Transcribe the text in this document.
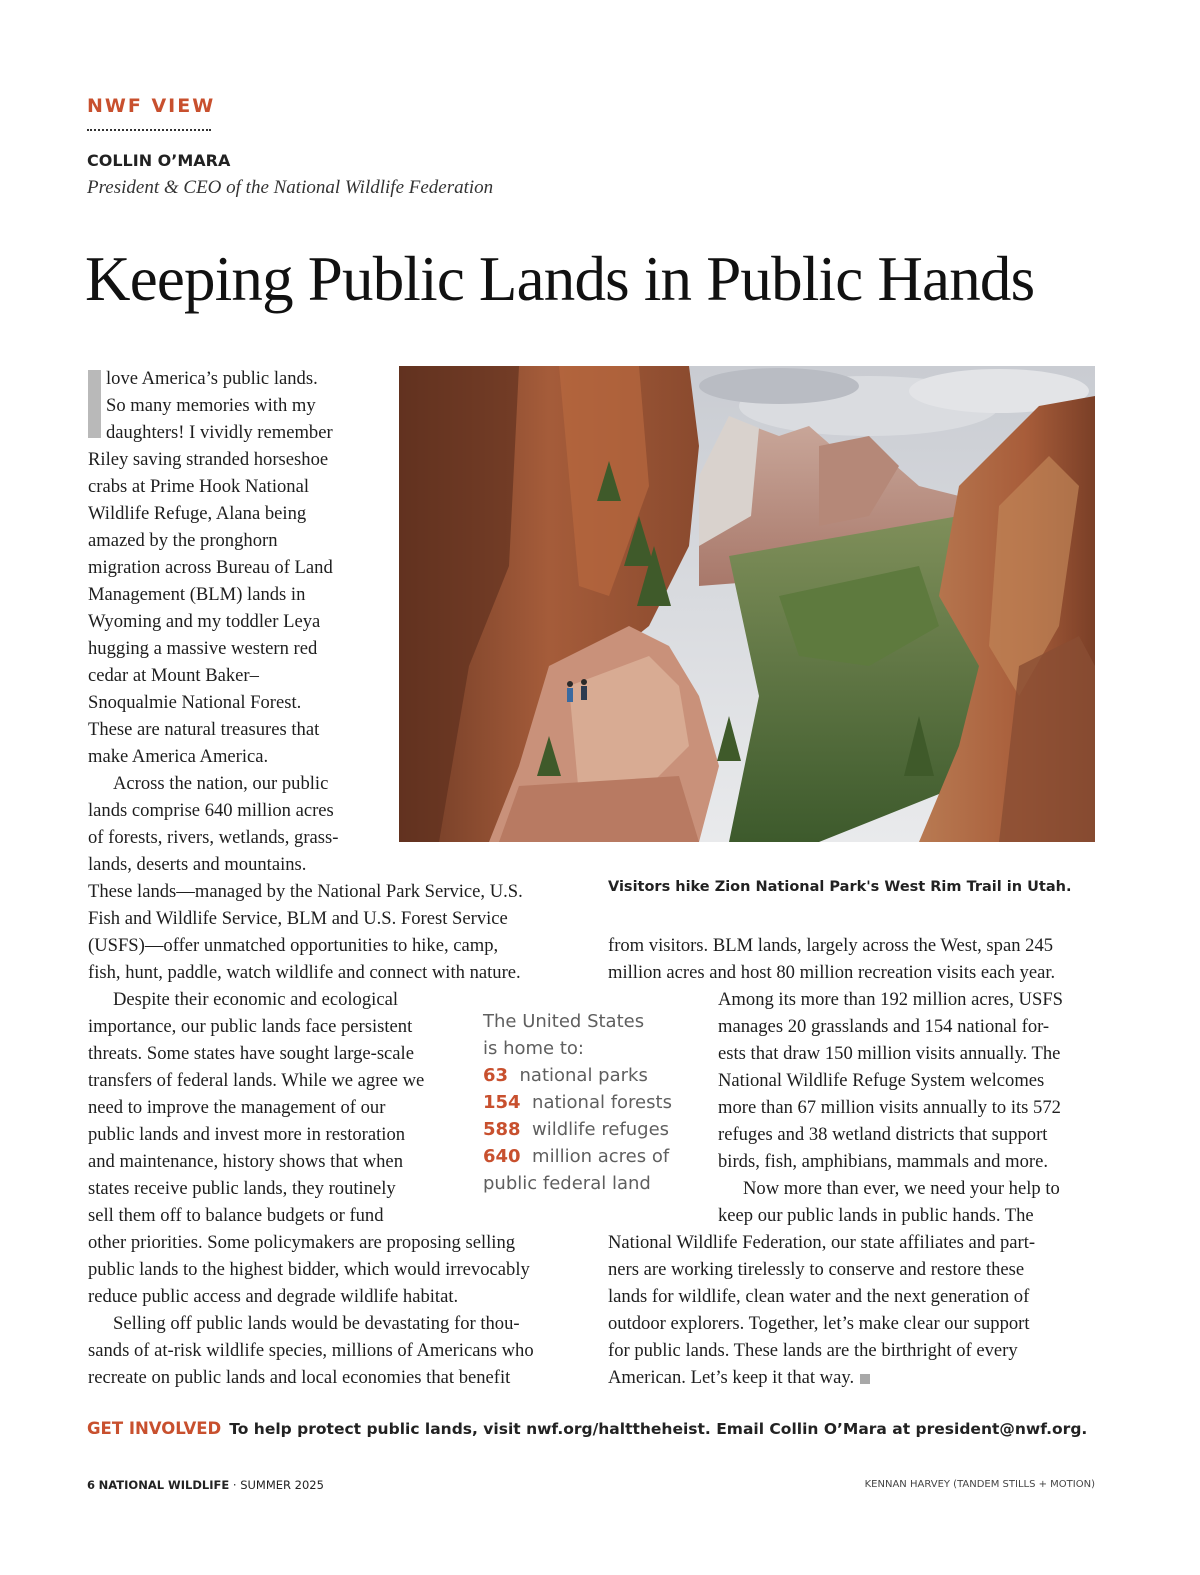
NWF VIEW
COLLIN O’MARA
President & CEO of the National Wildlife Federation
Keeping Public Lands in Public Hands
Visitors hike Zion National Park's West Rim Trail in Utah.
love America’s public lands.
So many memories with my
daughters! I vividly remember
Riley saving stranded horseshoe
crabs at Prime Hook National
Wildlife Refuge, Alana being
amazed by the pronghorn
migration across Bureau of Land
Management (BLM) lands in
Wyoming and my toddler Leya
hugging a massive western red
cedar at Mount Baker–
Snoqualmie National Forest.
These are natural treasures that
make America America.
Across the nation, our public
lands comprise 640 million acres
of forests, rivers, wetlands, grass-
lands, deserts and mountains.
These lands—managed by the National Park Service, U.S.
Fish and Wildlife Service, BLM and U.S. Forest Service
(USFS)—offer unmatched opportunities to hike, camp,
fish, hunt, paddle, watch wildlife and connect with nature.
Despite their economic and ecological
importance, our public lands face persistent
threats. Some states have sought large-scale
transfers of federal lands. While we agree we
need to improve the management of our
public lands and invest more in restoration
and maintenance, history shows that when
states receive public lands, they routinely
sell them off to balance budgets or fund
other priorities. Some policymakers are proposing selling
public lands to the highest bidder, which would irrevocably
reduce public access and degrade wildlife habitat.
Selling off public lands would be devastating for thou-
sands of at-risk wildlife species, millions of Americans who
recreate on public lands and local economies that benefit
from visitors. BLM lands, largely across the West, span 245
million acres and host 80 million recreation visits each year.
Among its more than 192 million acres, USFS
manages 20 grasslands and 154 national for-
ests that draw 150 million visits annually. The
National Wildlife Refuge System welcomes
more than 67 million visits annually to its 572
refuges and 38 wetland districts that support
birds, fish, amphibians, mammals and more.
Now more than ever, we need your help to
keep our public lands in public hands. The
National Wildlife Federation, our state affiliates and part-
ners are working tirelessly to conserve and restore these
lands for wildlife, clean water and the next generation of
outdoor explorers. Together, let’s make clear our support
for public lands. These lands are the birthright of every
American. Let’s keep it that way.
The United States
is home to:
63 national parks
154 national forests
588 wildlife refuges
640 million acres of
public federal land
GET INVOLVED To help protect public lands, visit nwf.org/halttheheist. Email Collin O’Mara at president@nwf.org.
6 NATIONAL WILDLIFE · SUMMER 2025	KENNAN HARVEY (TANDEM STILLS + MOTION)
